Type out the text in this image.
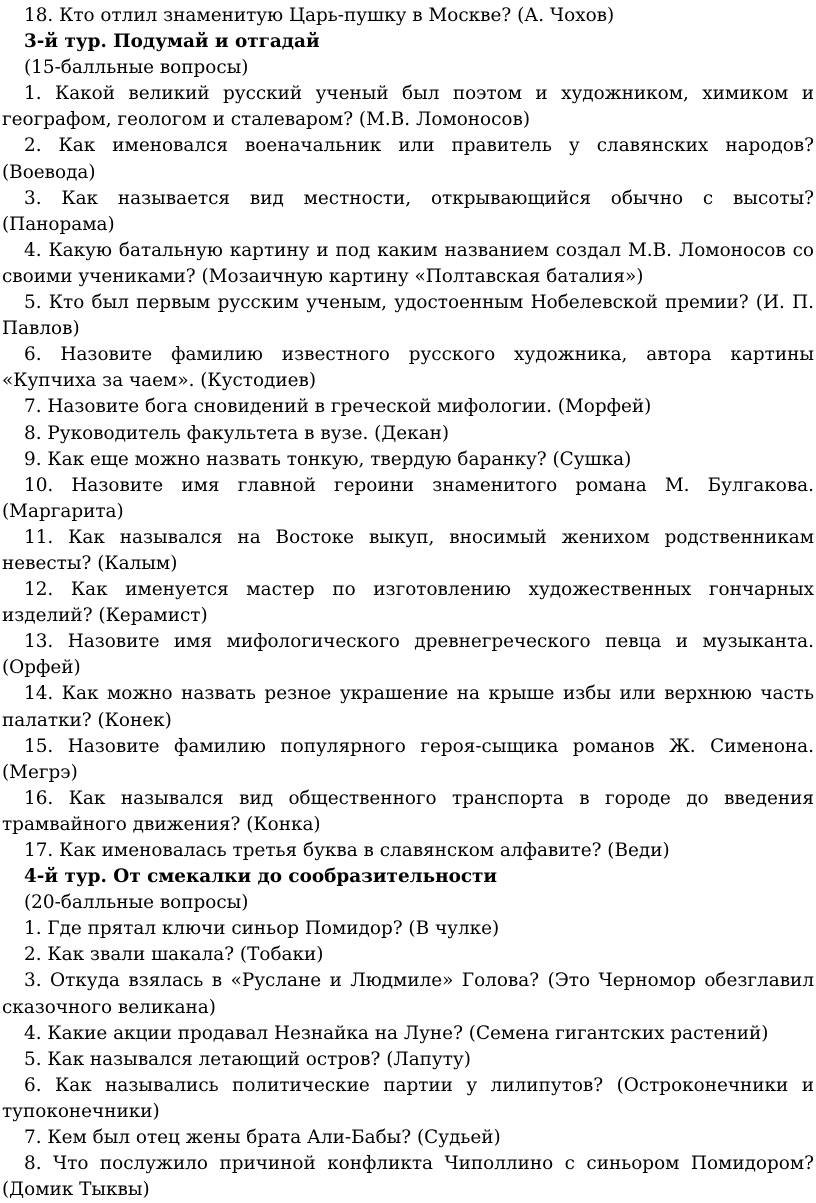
18. Кто отлил знаменитую Царь-пушку в Москве? (А. Чохов)

3-й тур. Подумай и отгадай

(15-балльные вопросы)

1. Какой великий русский ученый был поэтом и художником, химиком и географом, геологом и сталеваром? (М.В. Ломоносов)

2. Как именовался военачальник или правитель у славянских народов? (Воевода)

3. Как называется вид местности, открывающийся обычно с высоты? (Панорама)

4. Какую батальную картину и под каким названием создал М.В. Ломоносов со своими учениками? (Мозаичную картину «Полтавская баталия»)

5. Кто был первым русским ученым, удостоенным Нобелевской премии? (И. П. Павлов)

6. Назовите фамилию известного русского художника, автора картины «Купчиха за чаем». (Кустодиев)

7. Назовите бога сновидений в греческой мифологии. (Морфей)

8. Руководитель факультета в вузе. (Декан)

9. Как еще можно назвать тонкую, твердую баранку? (Сушка)

10. Назовите имя главной героини знаменитого романа М. Булгакова. (Маргарита)

11. Как назывался на Востоке выкуп, вносимый женихом родственникам невесты? (Калым)

12. Как именуется мастер по изготовлению художественных гончарных изделий? (Керамист)

13. Назовите имя мифологического древнегреческого певца и музыканта. (Орфей)

14. Как можно назвать резное украшение на крыше избы или верхнюю часть палатки? (Конек)

15. Назовите фамилию популярного героя-сыщика романов Ж. Сименона. (Мегрэ)

16. Как назывался вид общественного транспорта в городе до введения трамвайного движения? (Конка)

17. Как именовалась третья буква в славянском алфавите? (Веди)

4-й тур. От смекалки до сообразительности

(20-балльные вопросы)

1. Где прятал ключи синьор Помидор? (В чулке)

2. Как звали шакала? (Тобаки)

3. Откуда взялась в «Руслане и Людмиле» Голова? (Это Черномор обезглавил сказочного великана)

4. Какие акции продавал Незнайка на Луне? (Семена гигантских растений)

5. Как назывался летающий остров? (Лапуту)

6. Как назывались политические партии у лилипутов? (Остроконечники и тупоконечники)

7. Кем был отец жены брата Али-Бабы? (Судьей)

8. Что послужило причиной конфликта Чиполлино с синьором Помидором? (Домик Тыквы)
